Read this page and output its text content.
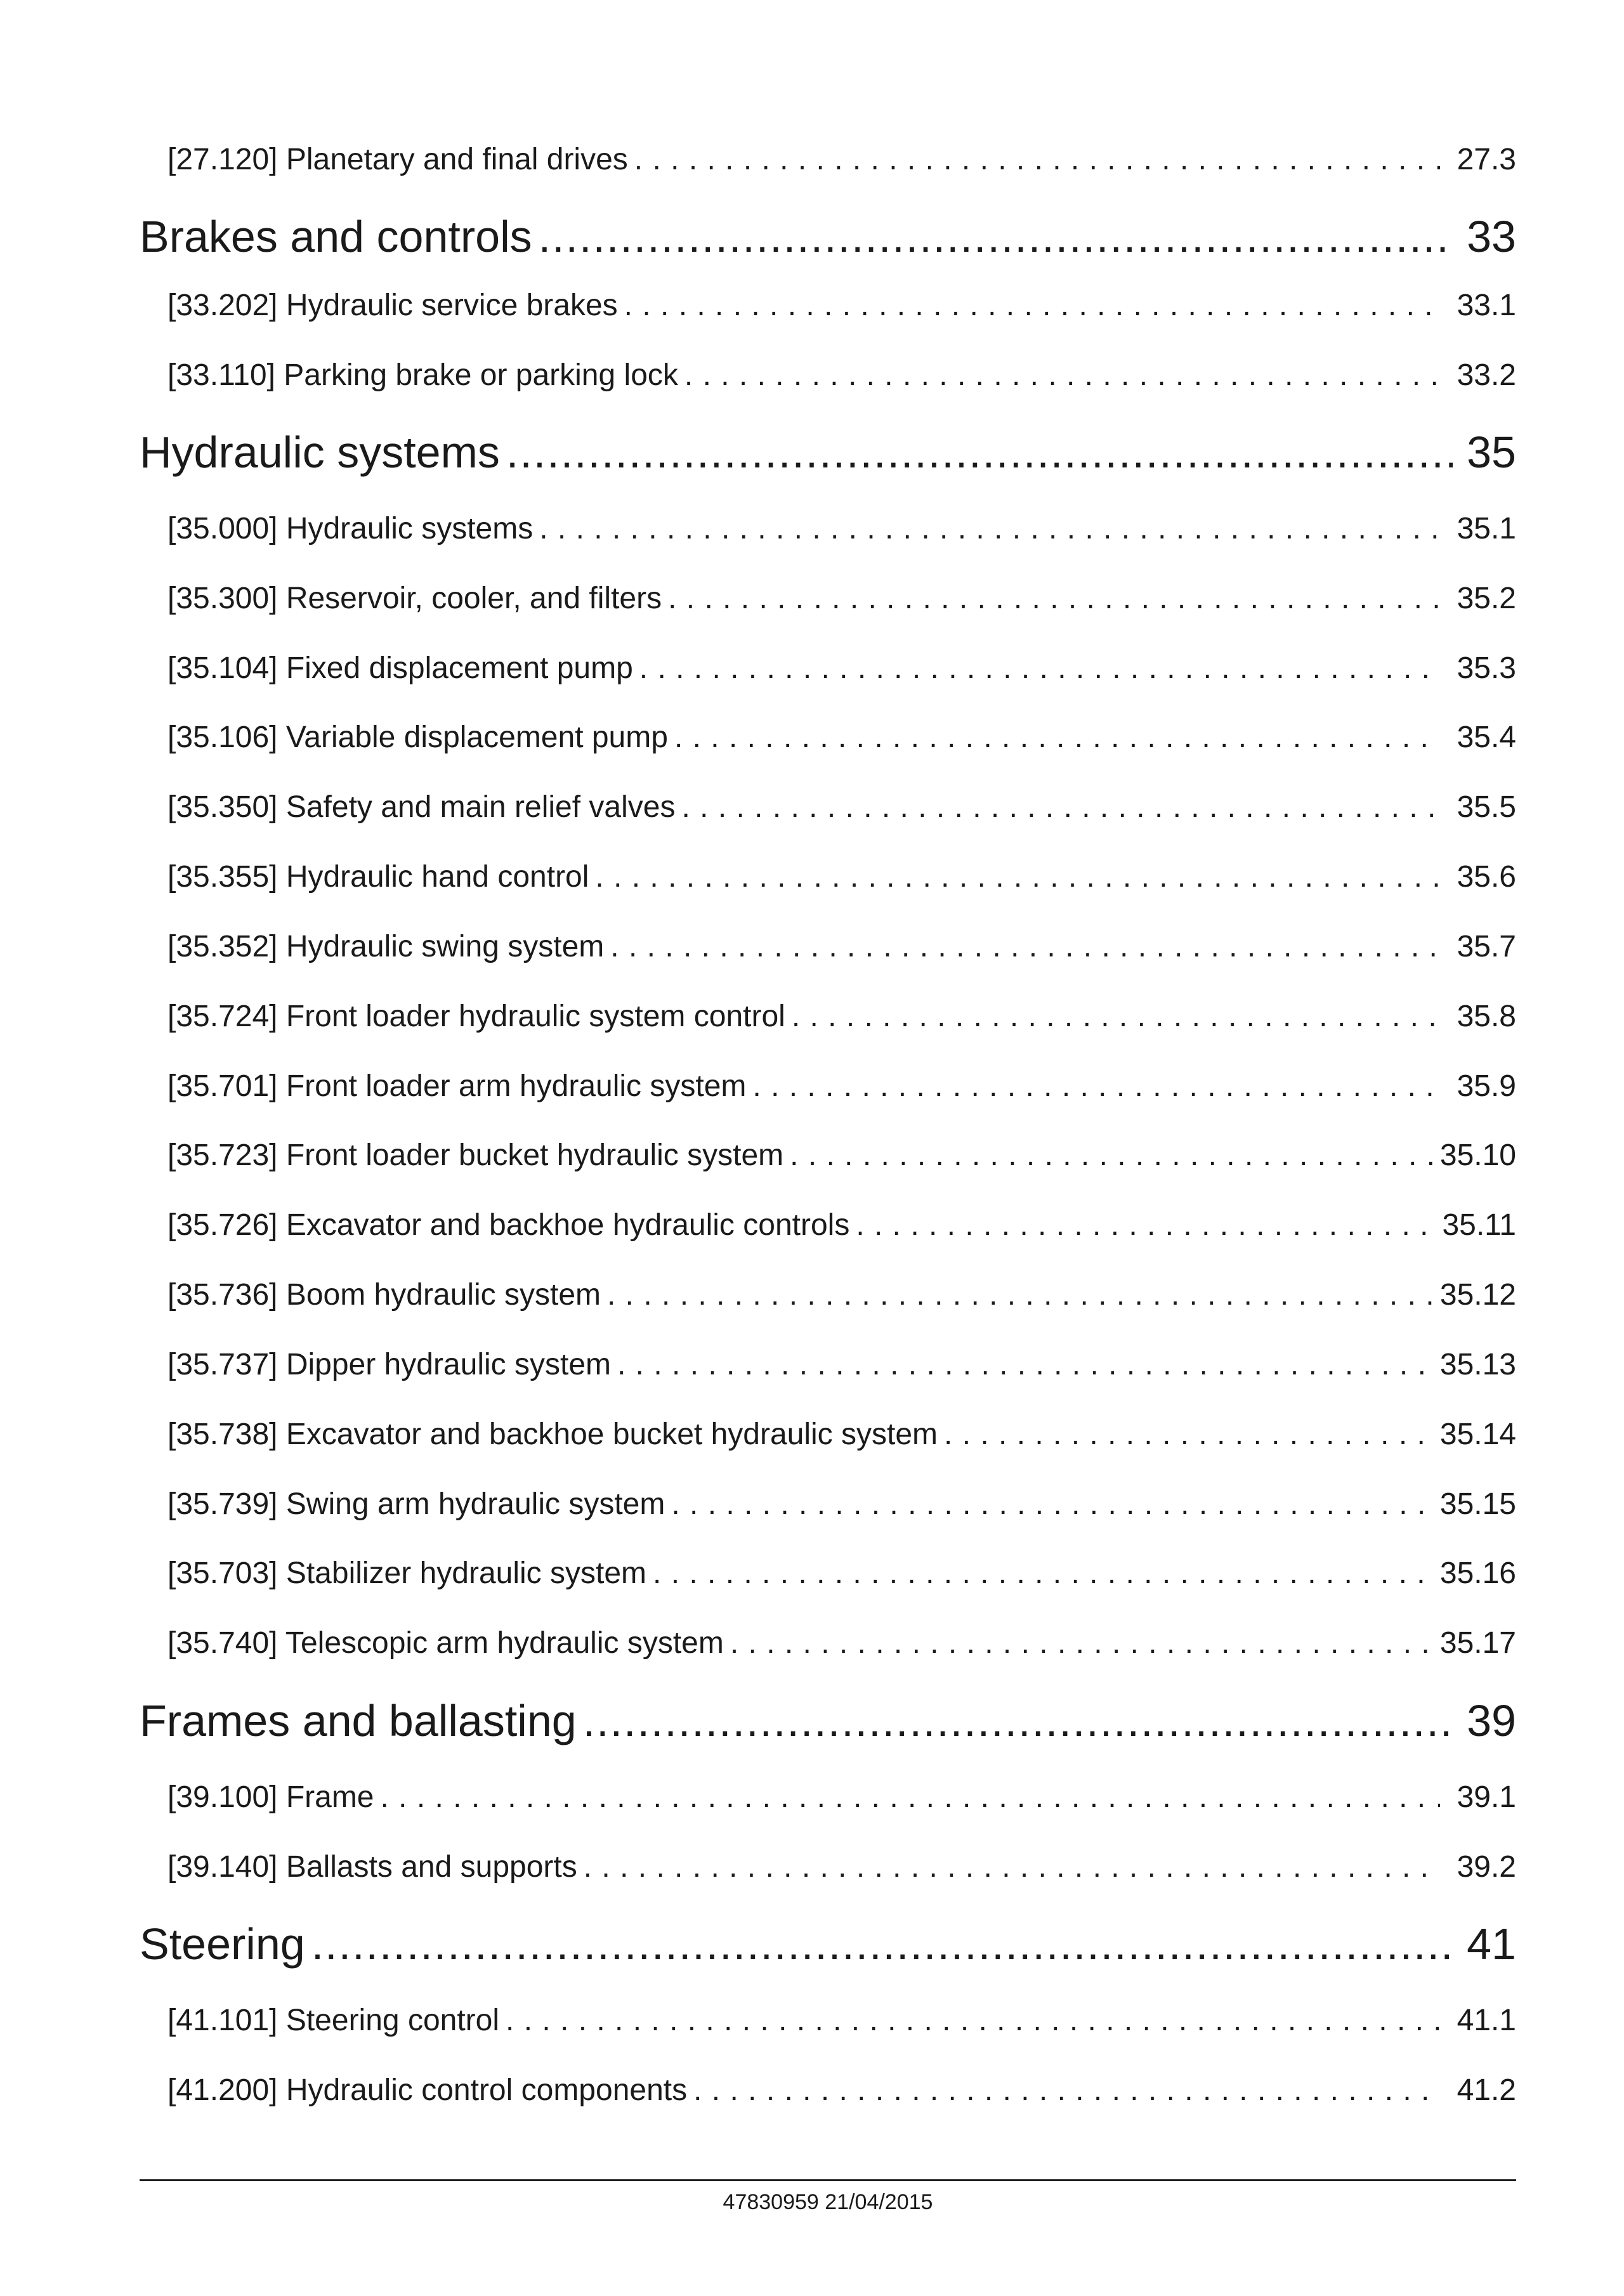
[27.120] Planetary and final drives . . .	27.3
Brakes and controls .....	33
[33.202] Hydraulic service brakes . . .	33.1
[33.110] Parking brake or parking lock . . .	33.2
Hydraulic systems .....	35
[35.000] Hydraulic systems . . .	35.1
[35.300] Reservoir, cooler, and filters . . .	35.2
[35.104] Fixed displacement pump . . .	35.3
[35.106] Variable displacement pump . . .	35.4
[35.350] Safety and main relief valves . . .	35.5
[35.355] Hydraulic hand control . . .	35.6
[35.352] Hydraulic swing system . . .	35.7
[35.724] Front loader hydraulic system control . . .	35.8
[35.701] Front loader arm hydraulic system . . .	35.9
[35.723] Front loader bucket hydraulic system . . .	35.10
[35.726] Excavator and backhoe hydraulic controls . . .	35.11
[35.736] Boom hydraulic system . . .	35.12
[35.737] Dipper hydraulic system . . .	35.13
[35.738] Excavator and backhoe bucket hydraulic system . . .	35.14
[35.739] Swing arm hydraulic system . . .	35.15
[35.703] Stabilizer hydraulic system . . .	35.16
[35.740] Telescopic arm hydraulic system . . .	35.17
Frames and ballasting .....	39
[39.100] Frame . . .	39.1
[39.140] Ballasts and supports . . .	39.2
Steering .....	41
[41.101] Steering control . . .	41.1
[41.200] Hydraulic control components . . .	41.2
47830959 21/04/2015
